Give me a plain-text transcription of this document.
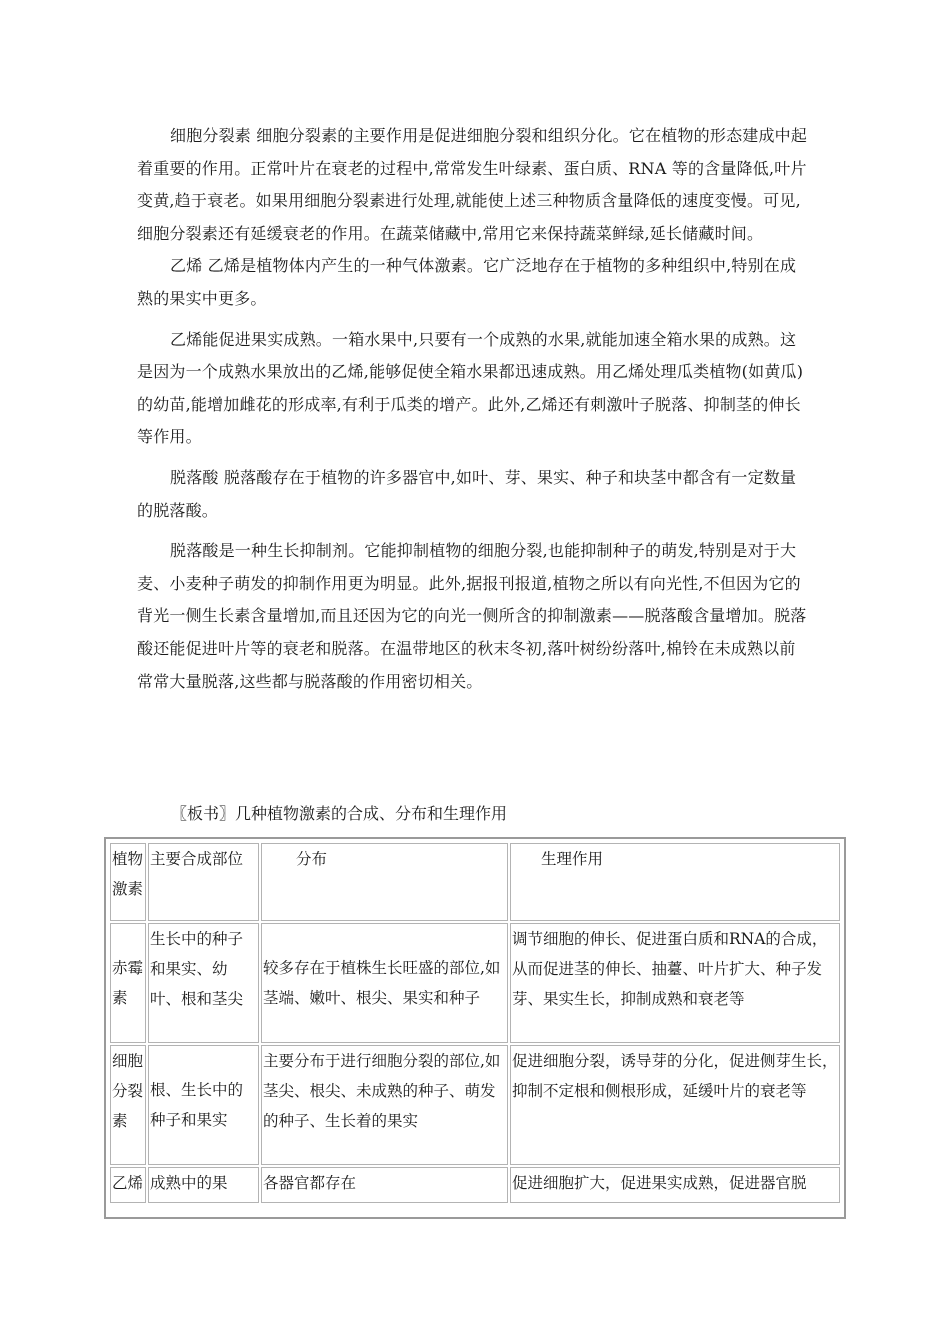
细胞分裂素 细胞分裂素的主要作用是促进细胞分裂和组织分化。它在植物的形态建成中起着重要的作用。正常叶片在衰老的过程中,常常发生叶绿素、蛋白质、RNA 等的含量降低,叶片变黄,趋于衰老。如果用细胞分裂素进行处理,就能使上述三种物质含量降低的速度变慢。可见,细胞分裂素还有延缓衰老的作用。在蔬菜储藏中,常用它来保持蔬菜鲜绿,延长储藏时间。

乙烯 乙烯是植物体内产生的一种气体激素。它广泛地存在于植物的多种组织中,特别在成熟的果实中更多。

乙烯能促进果实成熟。一箱水果中,只要有一个成熟的水果,就能加速全箱水果的成熟。这是因为一个成熟水果放出的乙烯,能够促使全箱水果都迅速成熟。用乙烯处理瓜类植物(如黄瓜)的幼苗,能增加雌花的形成率,有利于瓜类的增产。此外,乙烯还有刺激叶子脱落、抑制茎的伸长等作用。

脱落酸 脱落酸存在于植物的许多器官中,如叶、芽、果实、种子和块茎中都含有一定数量的脱落酸。

脱落酸是一种生长抑制剂。它能抑制植物的细胞分裂,也能抑制种子的萌发,特别是对于大麦、小麦种子萌发的抑制作用更为明显。此外,据报刊报道,植物之所以有向光性,不但因为它的背光一侧生长素含量增加,而且还因为它的向光一侧所含的抑制激素——脱落酸含量增加。脱落酸还能促进叶片等的衰老和脱落。在温带地区的秋末冬初,落叶树纷纷落叶,棉铃在未成熟以前常常大量脱落,这些都与脱落酸的作用密切相关。

〖板书〗几种植物激素的合成、分布和生理作用
植物激素	主要合成部位	分布	生理作用
赤霉素	生长中的种子和果实、幼叶、根和茎尖	较多存在于植株生长旺盛的部位,如茎端、嫩叶、根尖、果实和种子	调节细胞的伸长、促进蛋白质和RNA的合成，从而促进茎的伸长、抽薹、叶片扩大、种子发芽、果实生长，抑制成熟和衰老等
细胞分裂素	根、生长中的种子和果实	主要分布于进行细胞分裂的部位,如茎尖、根尖、未成熟的种子、萌发的种子、生长着的果实	促进细胞分裂，诱导芽的分化，促进侧芽生长，抑制不定根和侧根形成，延缓叶片的衰老等
乙烯	成熟中的果	各器官都存在	促进细胞扩大，促进果实成熟，促进器官脱
